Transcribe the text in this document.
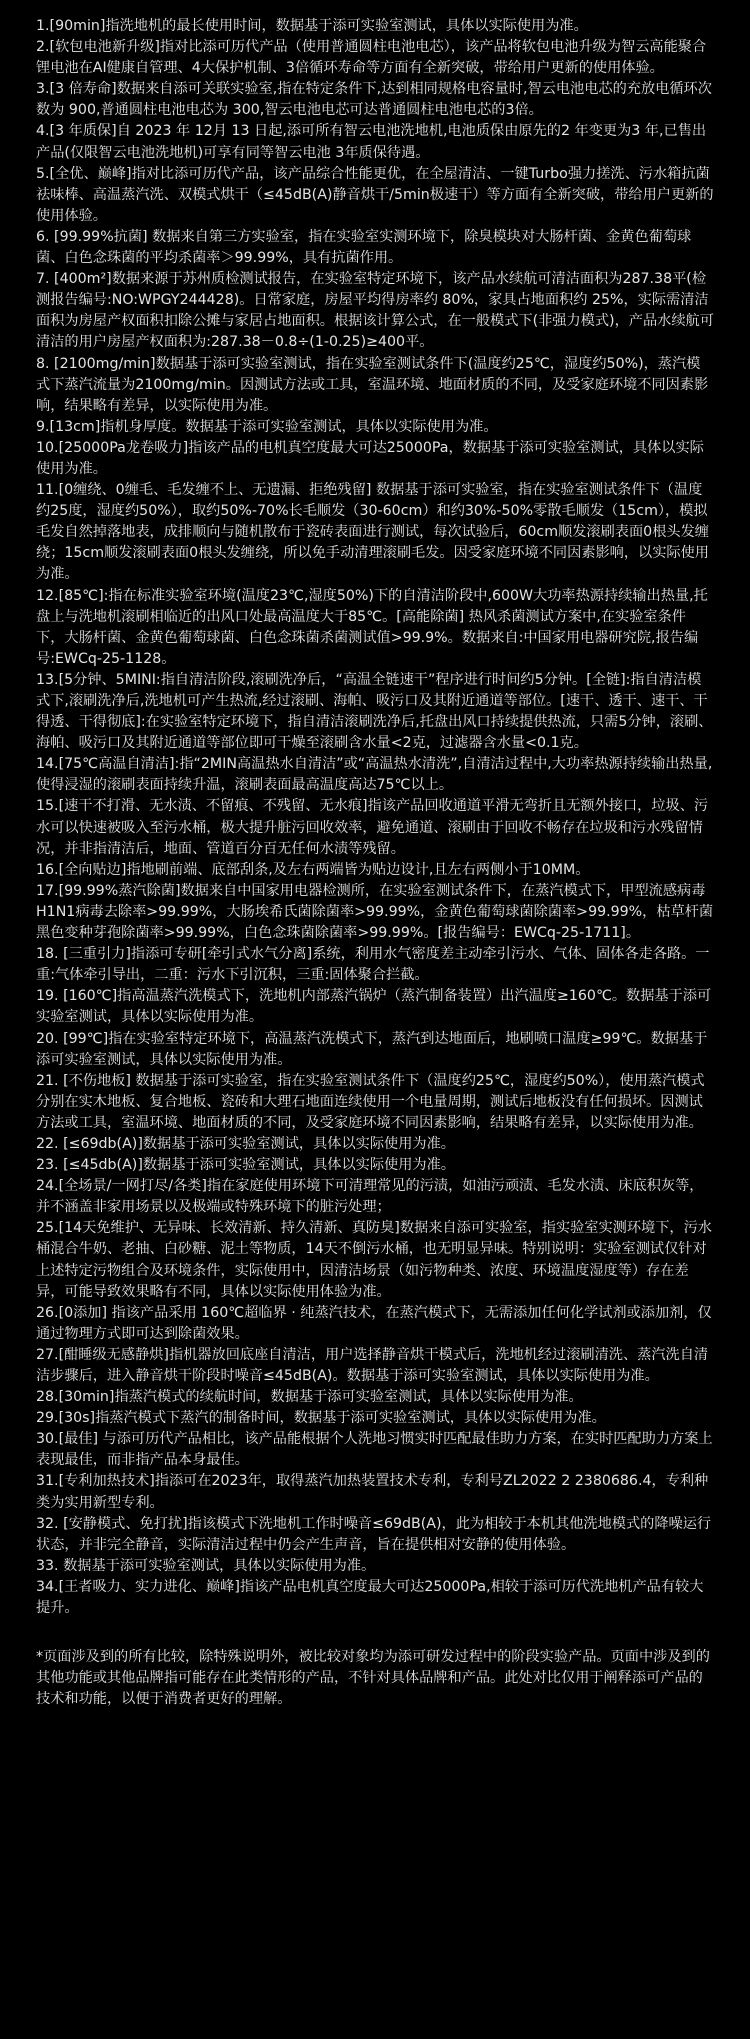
1.[90min]指洗地机的最长使用时间，数据基于添可实验室测试，具体以实际使用为准。
2.[软包电池新升级]指对比添可历代产品（使用普通圆柱电池电芯），该产品将软包电池升级为智云高能聚合锂电池在AI健康自管理、4大保护机制、3倍循环寿命等方面有全新突破，带给用户更新的使用体验。
3.[3 倍寿命]数据来自添可关联实验室,指在特定条件下,达到相同规格电容量时,智云电池电芯的充放电循环次数为 900,普通圆柱电池电芯为 300,智云电池电芯可达普通圆柱电池电芯的3倍。
4.[3 年质保]自 2023 年 12月 13 日起,添可所有智云电池洗地机,电池质保由原先的2 年变更为3 年,已售出产品(仅限智云电池洗地机)可享有同等智云电池 3年质保待遇。
5.[全优、巅峰]指对比添可历代产品，该产品综合性能更优，在全屋清洁、一键Turbo强力搓洗、污水箱抗菌祛味棒、高温蒸汽洗、双模式烘干（≤45dB(A)静音烘干/5min极速干）等方面有全新突破，带给用户更新的使用体验。
6. [99.99%抗菌] 数据来自第三方实验室，指在实验室实测环境下，除臭模块对大肠杆菌、金黄色葡萄球菌、白色念珠菌的平均杀菌率＞99.99%，具有抗菌作用。
7. [400m²]数据来源于苏州质检测试报告，在实验室特定环境下，该产品水续航可清洁面积为287.38平(检测报告编号:NO:WPGY244428)。日常家庭，房屋平均得房率约 80%，家具占地面积约 25%，实际需清洁面积为房屋产权面积扣除公摊与家居占地面积。根据该计算公式，在一般模式下(非强力模式)，产品水续航可清洁的用户房屋产权面积为:287.38－0.8÷(1-0.25)≥400平。
8. [2100mg/min]数据基于添可实验室测试，指在实验室测试条件下(温度约25℃，湿度约50%)，蒸汽模式下蒸汽流量为2100mg/min。因测试方法或工具，室温环境、地面材质的不同，及受家庭环境不同因素影响，结果略有差异，以实际使用为准。
9.[13cm]指机身厚度。数据基于添可实验室测试，具体以实际使用为准。
10.[25000Pa龙卷吸力]指该产品的电机真空度最大可达25000Pa，数据基于添可实验室测试，具体以实际使用为准。
11.[0缠绕、0缠毛、毛发缠不上、无遗漏、拒绝残留] 数据基于添可实验室，指在实验室测试条件下（温度约25度，湿度约50%），取约50%-70%长毛顺发（30-60cm）和约30%-50%零散毛顺发（15cm），模拟毛发自然掉落地表，成排顺向与随机散布于瓷砖表面进行测试，每次试验后，60cm顺发滚刷表面0根头发缠绕；15cm顺发滚刷表面0根头发缠绕，所以免手动清理滚刷毛发。因受家庭环境不同因素影响，以实际使用为准。
12.[85℃]:指在标准实验室环境(温度23℃,湿度50%)下的自清洁阶段中,600W大功率热源持续输出热量,托盘上与洗地机滚刷相临近的出风口处最高温度大于85℃。[高能除菌] 热风杀菌测试方案中,在实验室条件下，大肠杆菌、金黄色葡萄球菌、白色念珠菌杀菌测试值>99.9%。数据来自:中国家用电器研究院,报告编号:EWCq-25-1128。
13.[5分钟、5MINI:指自清洁阶段,滚刷洗净后，“高温全链速干”程序进行时间约5分钟。[全链]:指自清洁模式下,滚刷洗净后,洗地机可产生热流,经过滚刷、海帕、吸污口及其附近通道等部位。[速干、透干、速干、干得透、干得彻底]:在实验室特定环境下，指自清洁滚刷洗净后,托盘出风口持续提供热流，只需5分钟，滚刷、海帕、吸污口及其附近通道等部位即可干燥至滚刷含水量<2克，过滤器含水量<0.1克。
14.[75℃高温自清洁]:指“2MIN高温热水自清洁”或“高温热水清洗”,自清洁过程中,大功率热源持续输出热量,使得浸湿的滚刷表面持续升温，滚刷表面最高温度高达75℃以上。
15.[速干不打滑、无水渍、不留痕、不残留、无水痕]指该产品回收通道平滑无弯折且无额外接口，垃圾、污水可以快速被吸入至污水桶，极大提升脏污回收效率，避免通道、滚刷由于回收不畅存在垃圾和污水残留情况，并非指清洁后，地面、管道百分百无任何水渍等残留。
16.[全向贴边]指地刷前端、底部刮条,及左右两端皆为贴边设计,且左右两侧小于10MM。
17.[99.99%蒸汽除菌]数据来自中国家用电器检测所，在实验室测试条件下，在蒸汽模式下，甲型流感病毒H1N1病毒去除率>99.99%，大肠埃希氏菌除菌率>99.99%，金黄色葡萄球菌除菌率>99.99%，枯草杆菌黑色变种芽孢除菌率>99.99%，白色念珠菌除菌率>99.99%。[报告编号：EWCq-25-1711]。
18. [三重引力]指添可专研[牵引式水气分离]系统，利用水气密度差主动牵引污水、气体、固体各走各路。一重:气体牵引导出，二重：污水下引沉积，三重:固体聚合拦截。
19. [160℃]指高温蒸汽洗模式下，洗地机内部蒸汽锅炉（蒸汽制备装置）出汽温度≥160℃。数据基于添可实验室测试，具体以实际使用为准。
20. [99℃]指在实验室特定环境下，高温蒸汽洗模式下，蒸汽到达地面后，地刷喷口温度≥99℃。数据基于添可实验室测试，具体以实际使用为准。
21. [不伤地板] 数据基于添可实验室，指在实验室测试条件下（温度约25℃，湿度约50%），使用蒸汽模式分别在实木地板、复合地板、瓷砖和大理石地面连续使用一个电量周期，测试后地板没有任何损坏。因测试方法或工具，室温环境、地面材质的不同，及受家庭环境不同因素影响，结果略有差异，以实际使用为准。
22. [≤69db(A)]数据基于添可实验室测试，具体以实际使用为准。
23. [≤45db(A)]数据基于添可实验室测试，具体以实际使用为准。
24.[全场景/一网打尽/各类]指在家庭使用环境下可清理常见的污渍，如油污顽渍、毛发水渍、床底积灰等，并不涵盖非家用场景以及极端或特殊环境下的脏污处理；
25.[14天免维护、无异味、长效清新、持久清新、真防臭]数据来自添可实验室，指实验室实测环境下，污水桶混合牛奶、老抽、白砂糖、泥土等物质，14天不倒污水桶，也无明显异味。特别说明：实验室测试仅针对上述特定污物组合及环境条件，实际使用中，因清洁场景（如污物种类、浓度、环境温度湿度等）存在差异，可能导致效果略有不同，具体以实际使用体验为准。
26.[0添加] 指该产品采用 160℃超临界 · 纯蒸汽技术，在蒸汽模式下，无需添加任何化学试剂或添加剂，仅通过物理方式即可达到除菌效果。
27.[酣睡级无感静烘]指机器放回底座自清洁，用户选择静音烘干模式后，洗地机经过滚刷清洗、蒸汽洗自清洁步骤后，进入静音烘干阶段时噪音≤45dB(A)。数据基于添可实验室测试，具体以实际使用为准。
28.[30min]指蒸汽模式的续航时间，数据基于添可实验室测试，具体以实际使用为准。
29.[30s]指蒸汽模式下蒸汽的制备时间，数据基于添可实验室测试，具体以实际使用为准。
30.[最佳] 与添可历代产品相比，该产品能根据个人洗地习惯实时匹配最佳助力方案，在实时匹配助力方案上表现最佳，而非指产品本身最佳。
31.[专利加热技术]指添可在2023年，取得蒸汽加热装置技术专利，专利号ZL2022 2 2380686.4，专利种类为实用新型专利。
32. [安静模式、免打扰]指该模式下洗地机工作时噪音≤69dB(A)，此为相较于本机其他洗地模式的降噪运行状态，并非完全静音，实际清洁过程中仍会产生声音，旨在提供相对安静的使用体验。
33. 数据基于添可实验室测试，具体以实际使用为准。
34.[王者吸力、实力进化、巅峰]指该产品电机真空度最大可达25000Pa,相较于添可历代洗地机产品有较大提升。

*页面涉及到的所有比较，除特殊说明外，被比较对象均为添可研发过程中的阶段实验产品。页面中涉及到的其他功能或其他品牌指可能存在此类情形的产品，不针对具体品牌和产品。此处对比仅用于阐释添可产品的技术和功能，以便于消费者更好的理解。
